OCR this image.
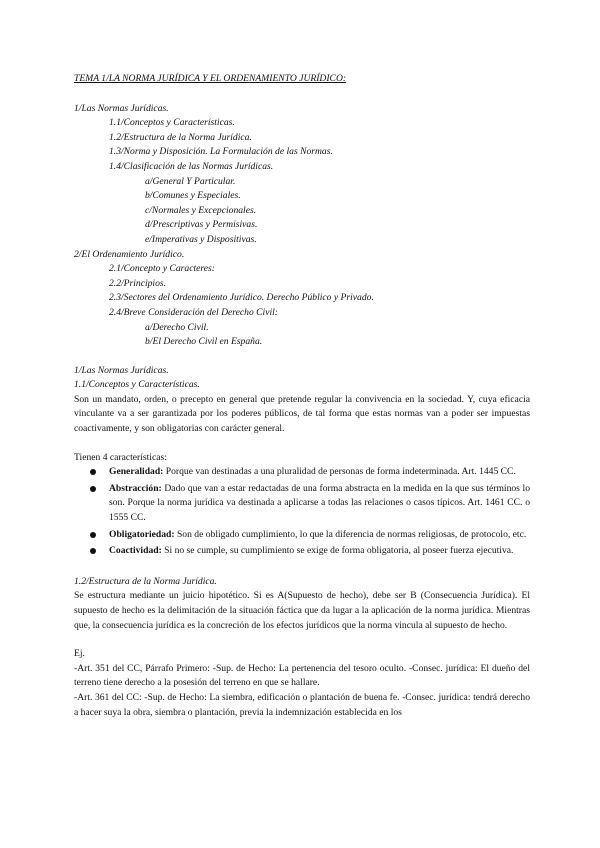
TEMA 1/LA NORMA JURÍDICA Y EL ORDENAMIENTO JURÍDICO:
1/Las Normas Jurídicas.
1.1/Conceptos y Características.
1.2/Estructura de la Norma Jurídica.
1.3/Norma y Disposición. La Formulación de las Normas.
1.4/Clasificación de las Normas Jurídicas.
a/General Y Particular.
b/Comunes y Especiales.
c/Normales y Excepcionales.
d/Prescriptivas y Permisivas.
e/Imperativas y Dispositivas.
2/El Ordenamiento Jurídico.
2.1/Concepto y Caracteres:
2.2/Principios.
2.3/Sectores del Ordenamiento Jurídico. Derecho Público y Privado.
2.4/Breve Consideración del Derecho Civil:
a/Derecho Civil.
b/El Derecho Civil en España.
1/Las Normas Jurídicas.
1.1/Conceptos y Características.
Son un mandato, orden, o precepto en general que pretende regular la convivencia en la sociedad. Y, cuya eficacia vinculante va a ser garantizada por los poderes públicos, de tal forma que estas normas van a poder ser impuestas coactivamente, y son obligatorias con carácter general.
Tienen 4 características:
Generalidad: Porque van destinadas a una pluralidad de personas de forma indeterminada. Art. 1445 CC.
Abstracción: Dado que van a estar redactadas de una forma abstracta en la medida en la que sus términos lo son. Porque la norma jurídica va destinada a aplicarse a todas las relaciones o casos típicos. Art. 1461 CC. o 1555 CC.
Obligatoriedad: Son de obligado cumplimiento, lo que la diferencia de normas religiosas, de protocolo, etc.
Coactividad: Si no se cumple, su cumplimiento se exige de forma obligatoria, al poseer fuerza ejecutiva.
1.2/Estructura de la Norma Jurídica.
Se estructura mediante un juicio hipotético. Si es A(Supuesto de hecho), debe ser B (Consecuencia Jurídica). El supuesto de hecho es la delimitación de la situación fáctica que da lugar a la aplicación de la norma jurídica. Mientras que, la consecuencia jurídica es la concreción de los efectos jurídicos que la norma vincula al supuesto de hecho.
Ej.
-Art. 351 del CC, Párrafo Primero: -Sup. de Hecho: La pertenencia del tesoro oculto. -Consec. jurídica: El dueño del terreno tiene derecho a la posesión del terreno en que se hallare.
-Art. 361 del CC: -Sup. de Hecho: La siembra, edificación o plantación de buena fe. -Consec. jurídica: tendrá derecho a hacer suya la obra, siembra o plantación, previa la indemnización establecida en los
